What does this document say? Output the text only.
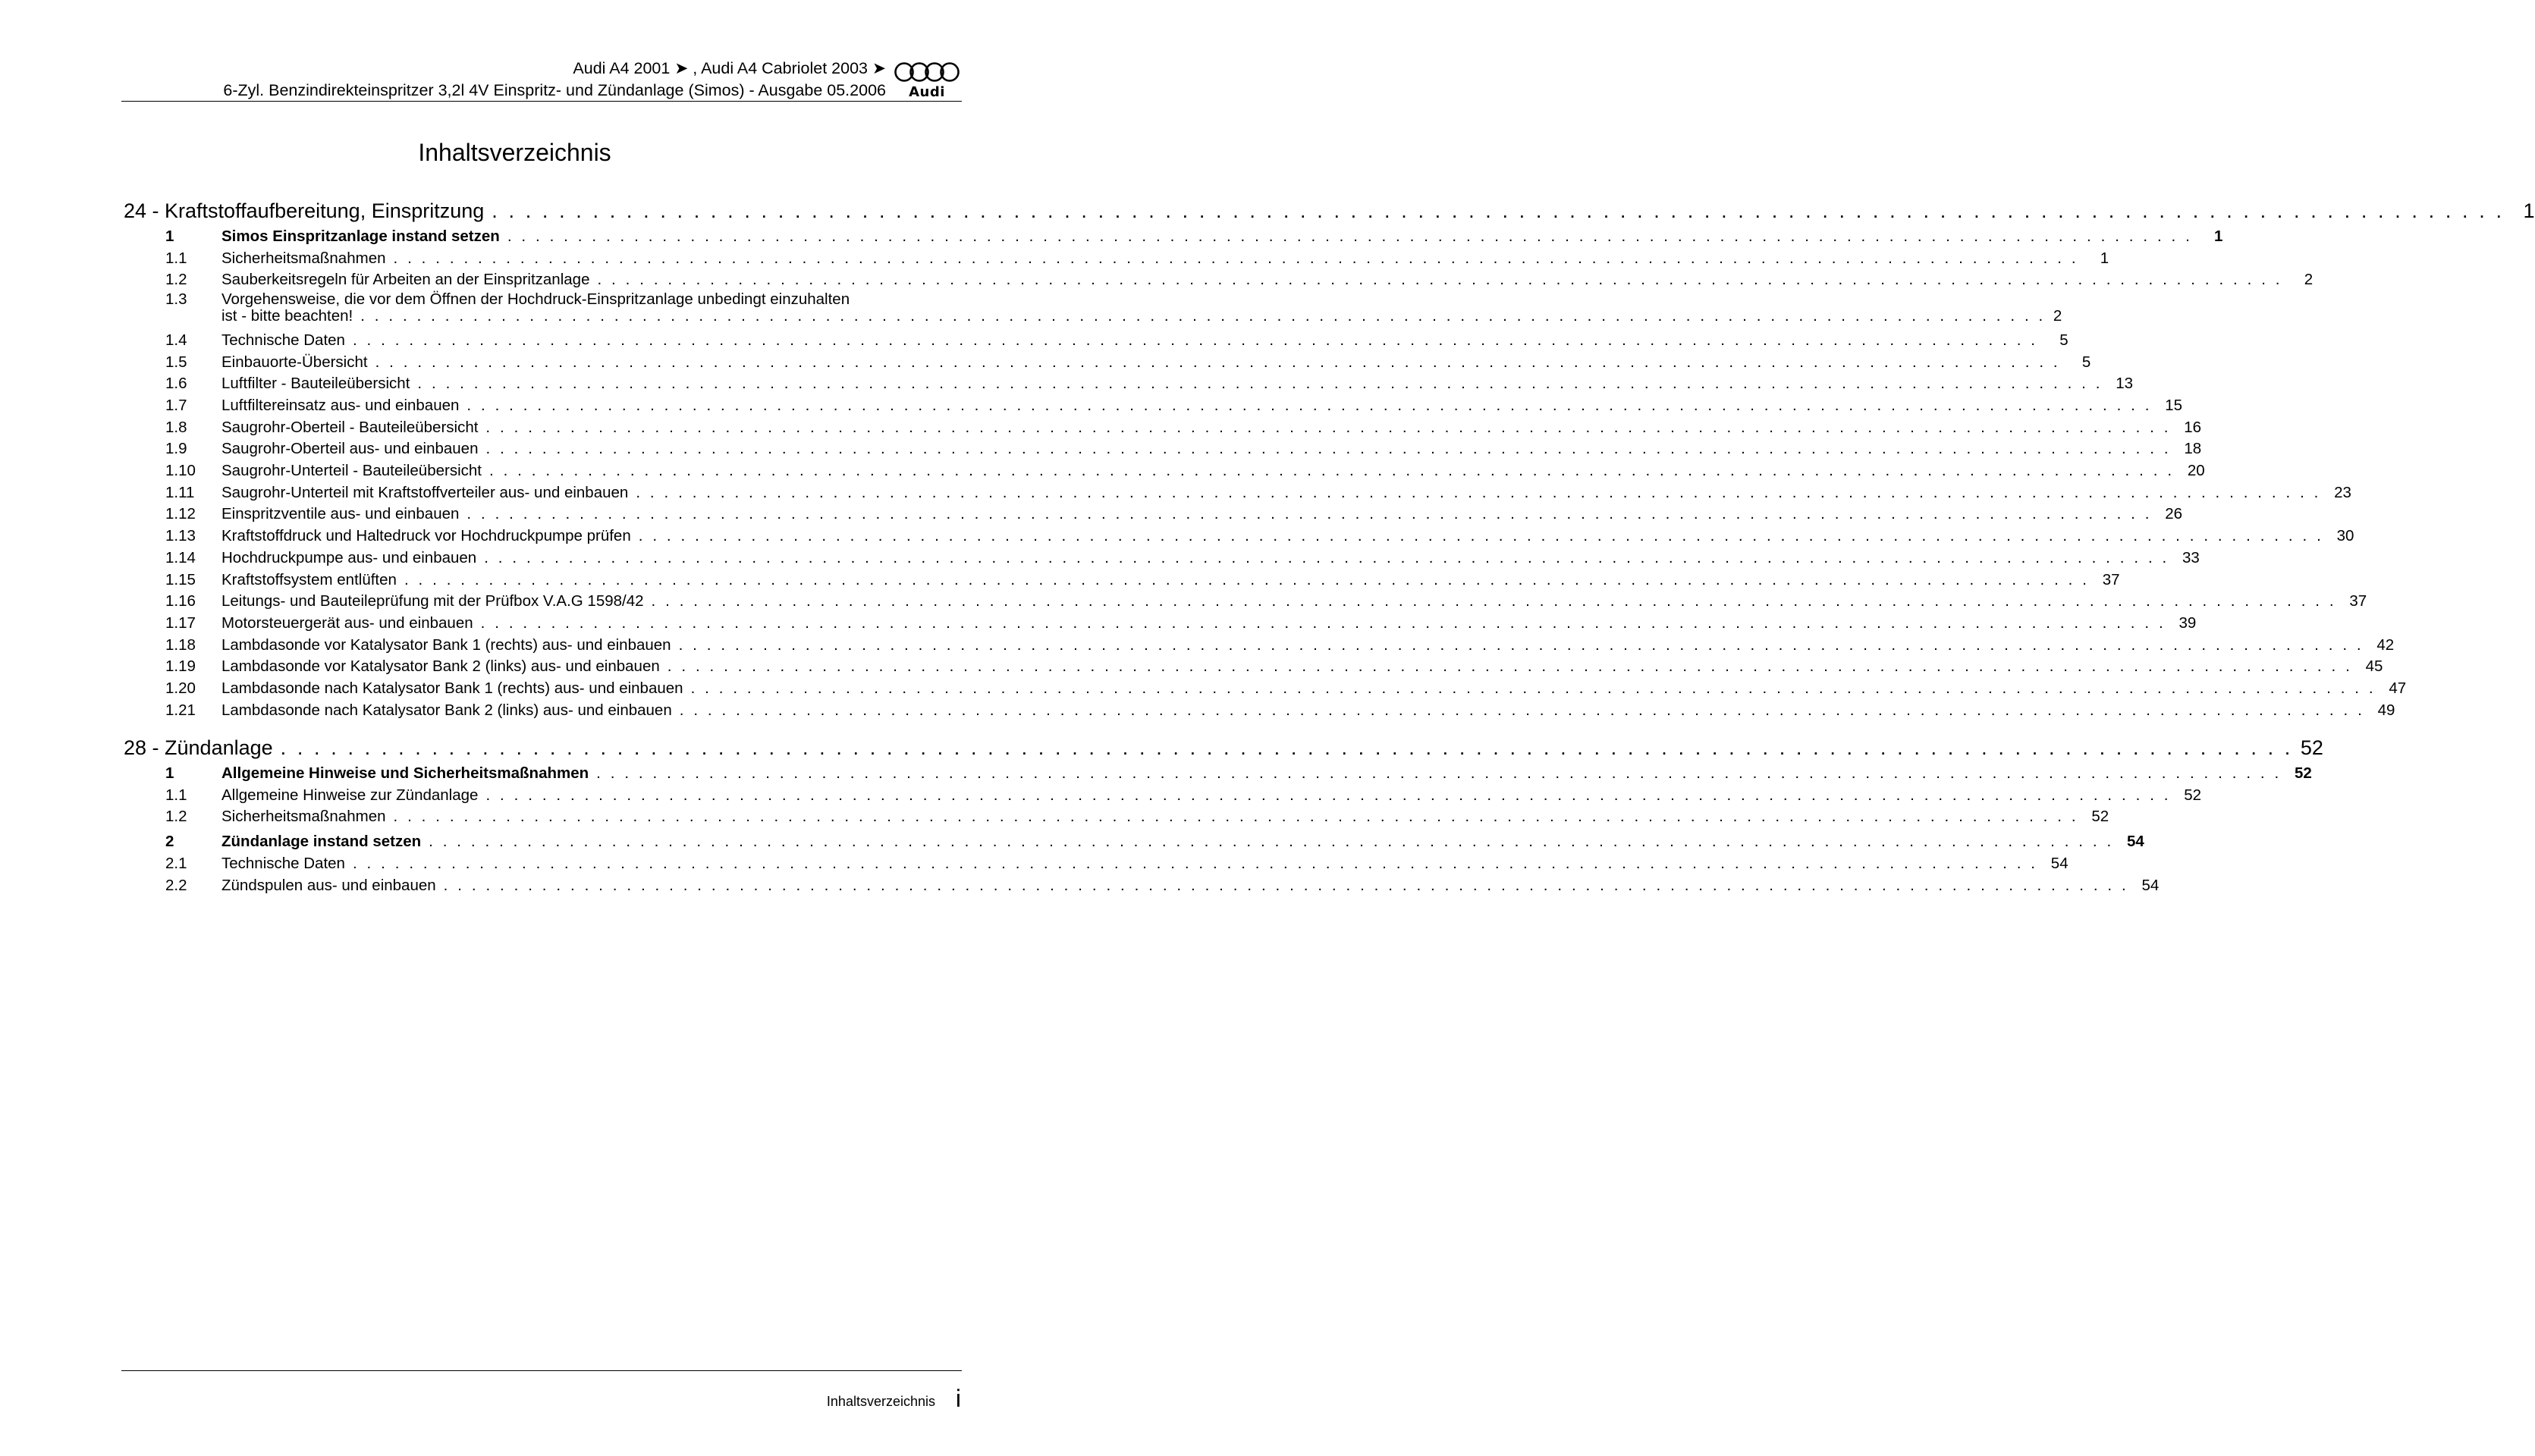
Audi A4 2001 ➤ , Audi A4 Cabriolet 2003 ➤
6-Zyl. Benzindirekteinspritzer 3,2l 4V Einspritz- und Zündanlage (Simos) - Ausgabe 05.2006	Audi
Inhaltsverzeichnis
24 - Kraftstoffaufbereitung, Einspritzung . . . . . . . . . . . . . . . . . . . . . . . . . . . . . . . . . . . . . . . . . . . . . . . . . . . . . . . . . . . . . . . . . . . . . . . . . . . . . . . . . . . . . . . . . . . . . . . . . . . . . . . . . . . . . . . . . . . . . . . . 1
1	Simos Einspritzanlage instand setzen . . . . . . . . . . . . . . . . . . . . . . . . . . . . . . . . . . . . . . . . . . . . . . . . . . . . . . . . . . . . . . . . . . . . . . . . . . . . . . . . . . . . . . . . . . . . . . . . . . . . . . . . . . . . . . . . . . . . . . . .	1
1.1	Sicherheitsmaßnahmen . . . . . . . . . . . . . . . . . . . . . . . . . . . . . . . . . . . . . . . . . . . . . . . . . . . . . . . . . . . . . . . . . . . . . . . . . . . . . . . . . . . . . . . . . . . . . . . . . . . . . . . . . . . . . . . . . . . . . . . .	1
1.2	Sauberkeitsregeln für Arbeiten an der Einspritzanlage . . . . . . . . . . . . . . . . . . . . . . . . . . . . . . . . . . . . . . . . . . . . . . . . . . . . . . . . . . . . . . . . . . . . . . . . . . . . . . . . . . . . . . . . . . . . . . . . . . . . . . . . . . . . . . . . . . . . . . . .	2
1.3 Vorgehensweise, die vor dem Öffnen der Hochdruck-Einspritzanlage unbedingt einzuhalten
ist - bitte beachten! . . . . . . . . . . . . . . . . . . . . . . . . . . . . . . . . . . . . . . . . . . . . . . . . . . . . . . . . . . . . . . . . . . . . . . . . . . . . . . . . . . . . . . . . . . . . . . . . . . . . . . . . . . . . . . . . . . . . . . . . 2
1.4	Technische Daten . . . . . . . . . . . . . . . . . . . . . . . . . . . . . . . . . . . . . . . . . . . . . . . . . . . . . . . . . . . . . . . . . . . . . . . . . . . . . . . . . . . . . . . . . . . . . . . . . . . . . . . . . . . . . . . . . . . . . . . .	5
1.5	Einbauorte-Übersicht . . . . . . . . . . . . . . . . . . . . . . . . . . . . . . . . . . . . . . . . . . . . . . . . . . . . . . . . . . . . . . . . . . . . . . . . . . . . . . . . . . . . . . . . . . . . . . . . . . . . . . . . . . . . . . . . . . . . . . . .	5
1.6	Luftfilter - Bauteileübersicht . . . . . . . . . . . . . . . . . . . . . . . . . . . . . . . . . . . . . . . . . . . . . . . . . . . . . . . . . . . . . . . . . . . . . . . . . . . . . . . . . . . . . . . . . . . . . . . . . . . . . . . . . . . . . . . . . . . . . . . . 13
1.7	Luftfiltereinsatz aus- und einbauen . . . . . . . . . . . . . . . . . . . . . . . . . . . . . . . . . . . . . . . . . . . . . . . . . . . . . . . . . . . . . . . . . . . . . . . . . . . . . . . . . . . . . . . . . . . . . . . . . . . . . . . . . . . . . . . . . . . . . . . . 15
1.8	Saugrohr-Oberteil - Bauteileübersicht . . . . . . . . . . . . . . . . . . . . . . . . . . . . . . . . . . . . . . . . . . . . . . . . . . . . . . . . . . . . . . . . . . . . . . . . . . . . . . . . . . . . . . . . . . . . . . . . . . . . . . . . . . . . . . . . . . . . . . . . 16
1.9	Saugrohr-Oberteil aus- und einbauen . . . . . . . . . . . . . . . . . . . . . . . . . . . . . . . . . . . . . . . . . . . . . . . . . . . . . . . . . . . . . . . . . . . . . . . . . . . . . . . . . . . . . . . . . . . . . . . . . . . . . . . . . . . . . . . . . . . . . . . . 18
1.10	Saugrohr-Unterteil - Bauteileübersicht . . . . . . . . . . . . . . . . . . . . . . . . . . . . . . . . . . . . . . . . . . . . . . . . . . . . . . . . . . . . . . . . . . . . . . . . . . . . . . . . . . . . . . . . . . . . . . . . . . . . . . . . . . . . . . . . . . . . . . . . 20
1.11	Saugrohr-Unterteil mit Kraftstoffverteiler aus- und einbauen . . . . . . . . . . . . . . . . . . . . . . . . . . . . . . . . . . . . . . . . . . . . . . . . . . . . . . . . . . . . . . . . . . . . . . . . . . . . . . . . . . . . . . . . . . . . . . . . . . . . . . . . . . . . . . . . . . . . . . . . 23
1.12	Einspritzventile aus- und einbauen . . . . . . . . . . . . . . . . . . . . . . . . . . . . . . . . . . . . . . . . . . . . . . . . . . . . . . . . . . . . . . . . . . . . . . . . . . . . . . . . . . . . . . . . . . . . . . . . . . . . . . . . . . . . . . . . . . . . . . . . 26
1.13	Kraftstoffdruck und Haltedruck vor Hochdruckpumpe prüfen . . . . . . . . . . . . . . . . . . . . . . . . . . . . . . . . . . . . . . . . . . . . . . . . . . . . . . . . . . . . . . . . . . . . . . . . . . . . . . . . . . . . . . . . . . . . . . . . . . . . . . . . . . . . . . . . . . . . . . . . 30
1.14	Hochdruckpumpe aus- und einbauen . . . . . . . . . . . . . . . . . . . . . . . . . . . . . . . . . . . . . . . . . . . . . . . . . . . . . . . . . . . . . . . . . . . . . . . . . . . . . . . . . . . . . . . . . . . . . . . . . . . . . . . . . . . . . . . . . . . . . . . . 33
1.15	Kraftstoffsystem entlüften . . . . . . . . . . . . . . . . . . . . . . . . . . . . . . . . . . . . . . . . . . . . . . . . . . . . . . . . . . . . . . . . . . . . . . . . . . . . . . . . . . . . . . . . . . . . . . . . . . . . . . . . . . . . . . . . . . . . . . . . 37
1.16	Leitungs- und Bauteileprüfung mit der Prüfbox V.A.G 1598/42 . . . . . . . . . . . . . . . . . . . . . . . . . . . . . . . . . . . . . . . . . . . . . . . . . . . . . . . . . . . . . . . . . . . . . . . . . . . . . . . . . . . . . . . . . . . . . . . . . . . . . . . . . . . . . . . . . . . . . . . . 37
1.17	Motorsteuergerät aus- und einbauen . . . . . . . . . . . . . . . . . . . . . . . . . . . . . . . . . . . . . . . . . . . . . . . . . . . . . . . . . . . . . . . . . . . . . . . . . . . . . . . . . . . . . . . . . . . . . . . . . . . . . . . . . . . . . . . . . . . . . . . . 39
1.18	Lambdasonde vor Katalysator Bank 1 (rechts) aus- und einbauen . . . . . . . . . . . . . . . . . . . . . . . . . . . . . . . . . . . . . . . . . . . . . . . . . . . . . . . . . . . . . . . . . . . . . . . . . . . . . . . . . . . . . . . . . . . . . . . . . . . . . . . . . . . . . . . . . . . . . . . . 42
1.19	Lambdasonde vor Katalysator Bank 2 (links) aus- und einbauen . . . . . . . . . . . . . . . . . . . . . . . . . . . . . . . . . . . . . . . . . . . . . . . . . . . . . . . . . . . . . . . . . . . . . . . . . . . . . . . . . . . . . . . . . . . . . . . . . . . . . . . . . . . . . . . . . . . . . . . . 45
1.20	Lambdasonde nach Katalysator Bank 1 (rechts) aus- und einbauen . . . . . . . . . . . . . . . . . . . . . . . . . . . . . . . . . . . . . . . . . . . . . . . . . . . . . . . . . . . . . . . . . . . . . . . . . . . . . . . . . . . . . . . . . . . . . . . . . . . . . . . . . . . . . . . . . . . . . . . . 47
1.21	Lambdasonde nach Katalysator Bank 2 (links) aus- und einbauen . . . . . . . . . . . . . . . . . . . . . . . . . . . . . . . . . . . . . . . . . . . . . . . . . . . . . . . . . . . . . . . . . . . . . . . . . . . . . . . . . . . . . . . . . . . . . . . . . . . . . . . . . . . . . . . . . . . . . . . . 49
28 - Zündanlage . . . . . . . . . . . . . . . . . . . . . . . . . . . . . . . . . . . . . . . . . . . . . . . . . . . . . . . . . . . . . . . . . . . . . . . . . . . . . . . . . . . . . . . . . . . . . . . . . . . . . . . . . . . . . . . . . . . . . . . . 52
1	Allgemeine Hinweise und Sicherheitsmaßnahmen . . . . . . . . . . . . . . . . . . . . . . . . . . . . . . . . . . . . . . . . . . . . . . . . . . . . . . . . . . . . . . . . . . . . . . . . . . . . . . . . . . . . . . . . . . . . . . . . . . . . . . . . . . . . . . . . . . . . . . . . 52
1.1	Allgemeine Hinweise zur Zündanlage . . . . . . . . . . . . . . . . . . . . . . . . . . . . . . . . . . . . . . . . . . . . . . . . . . . . . . . . . . . . . . . . . . . . . . . . . . . . . . . . . . . . . . . . . . . . . . . . . . . . . . . . . . . . . . . . . . . . . . . . 52
1.2	Sicherheitsmaßnahmen . . . . . . . . . . . . . . . . . . . . . . . . . . . . . . . . . . . . . . . . . . . . . . . . . . . . . . . . . . . . . . . . . . . . . . . . . . . . . . . . . . . . . . . . . . . . . . . . . . . . . . . . . . . . . . . . . . . . . . . . 52
2	Zündanlage instand setzen . . . . . . . . . . . . . . . . . . . . . . . . . . . . . . . . . . . . . . . . . . . . . . . . . . . . . . . . . . . . . . . . . . . . . . . . . . . . . . . . . . . . . . . . . . . . . . . . . . . . . . . . . . . . . . . . . . . . . . . . 54
2.1	Technische Daten . . . . . . . . . . . . . . . . . . . . . . . . . . . . . . . . . . . . . . . . . . . . . . . . . . . . . . . . . . . . . . . . . . . . . . . . . . . . . . . . . . . . . . . . . . . . . . . . . . . . . . . . . . . . . . . . . . . . . . . . 54
2.2	Zündspulen aus- und einbauen . . . . . . . . . . . . . . . . . . . . . . . . . . . . . . . . . . . . . . . . . . . . . . . . . . . . . . . . . . . . . . . . . . . . . . . . . . . . . . . . . . . . . . . . . . . . . . . . . . . . . . . . . . . . . . . . . . . . . . . . 54
Inhaltsverzeichnis i
